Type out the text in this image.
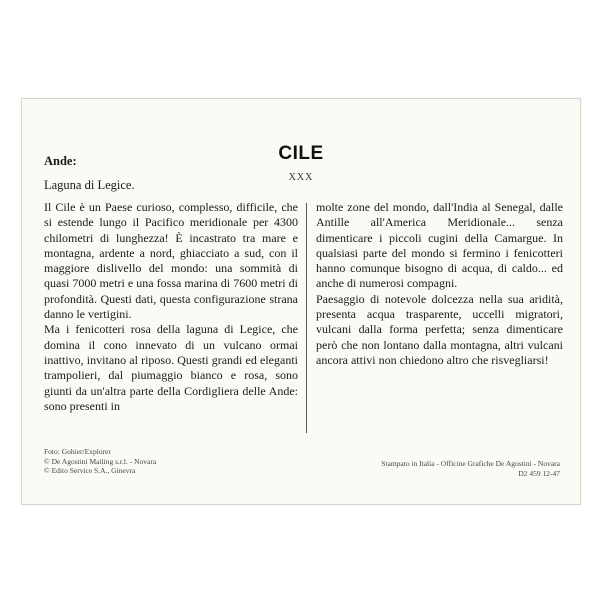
CILE
XXX
Ande:
Laguna di Legice.

Il Cile è un Paese curioso, complesso, difficile, che si estende lungo il Pacifico meridionale per 4300 chilometri di lunghezza! È incastrato tra mare e montagna, ardente a nord, ghiacciato a sud, con il maggiore dislivello del mondo: una sommità di quasi 7000 metri e una fossa marina di 7600 metri di profondità. Questi dati, questa configurazione strana danno le vertigini.

Ma i fenicotteri rosa della laguna di Legice, che domina il cono innevato di un vulcano ormai inattivo, invitano al riposo. Questi grandi ed eleganti trampolieri, dal piumaggio bianco e rosa, sono giunti da un'altra parte della Cordigliera delle Ande: sono presenti in

molte zone del mondo, dall'India al Senegal, dalle Antille all'America Meridionale... senza dimenticare i piccoli cugini della Camargue. In qualsiasi parte del mondo si fermino i fenicotteri hanno comunque bisogno di acqua, di caldo... ed anche di numerosi compagni.

Paesaggio di notevole dolcezza nella sua aridità, presenta acqua trasparente, uccelli migratori, vulcani dalla forma perfetta; senza dimenticare però che non lontano dalla montagna, altri vulcani ancora attivi non chiedono altro che risvegliarsi!

Foto: Gohier/Explorer
© De Agostini Mailing s.r.l. - Novara
© Edito Service S.A., Ginevra
Stampato in Italia - Officine Grafiche De Agostini - Novara
D2 459 12-47
